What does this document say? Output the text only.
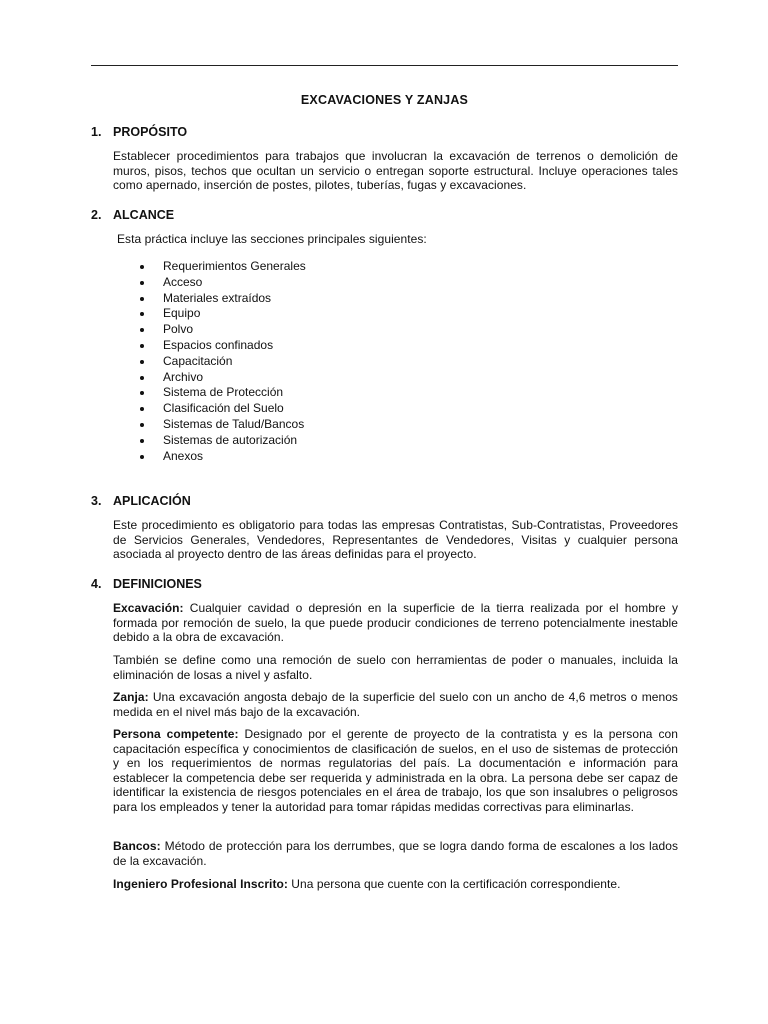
EXCAVACIONES Y ZANJAS
1. PROPÓSITO
Establecer procedimientos para trabajos que involucran la excavación de terrenos o demolición de muros, pisos, techos que ocultan un servicio o entregan soporte estructural. Incluye operaciones tales como apernado, inserción de postes, pilotes, tuberías, fugas y excavaciones.
2. ALCANCE
Esta práctica incluye las secciones principales siguientes:
Requerimientos Generales
Acceso
Materiales extraídos
Equipo
Polvo
Espacios confinados
Capacitación
Archivo
Sistema de Protección
Clasificación del Suelo
Sistemas de Talud/Bancos
Sistemas de autorización
Anexos
3. APLICACIÓN
Este procedimiento es obligatorio para todas las empresas Contratistas, Sub-Contratistas, Proveedores de Servicios Generales, Vendedores, Representantes de Vendedores, Visitas y cualquier persona asociada al proyecto dentro de las áreas definidas para el proyecto.
4. DEFINICIONES
Excavación: Cualquier cavidad o depresión en la superficie de la tierra realizada por el hombre y formada por remoción de suelo, la que puede producir condiciones de terreno potencialmente inestable debido a la obra de excavación.
También se define como una remoción de suelo con herramientas de poder o manuales, incluida la eliminación de losas a nivel y asfalto.
Zanja: Una excavación angosta debajo de la superficie del suelo con un ancho de 4,6 metros o menos medida en el nivel más bajo de la excavación.
Persona competente: Designado por el gerente de proyecto de la contratista y es la persona con capacitación específica y conocimientos de clasificación de suelos, en el uso de sistemas de protección y en los requerimientos de normas regulatorias del país. La documentación e información para establecer la competencia debe ser requerida y administrada en la obra. La persona debe ser capaz de identificar la existencia de riesgos potenciales en el área de trabajo, los que son insalubres o peligrosos para los empleados y tener la autoridad para tomar rápidas medidas correctivas para eliminarlas.
Bancos: Método de protección para los derrumbes, que se logra dando forma de escalones a los lados de la excavación.
Ingeniero Profesional Inscrito: Una persona que cuente con la certificación correspondiente.
